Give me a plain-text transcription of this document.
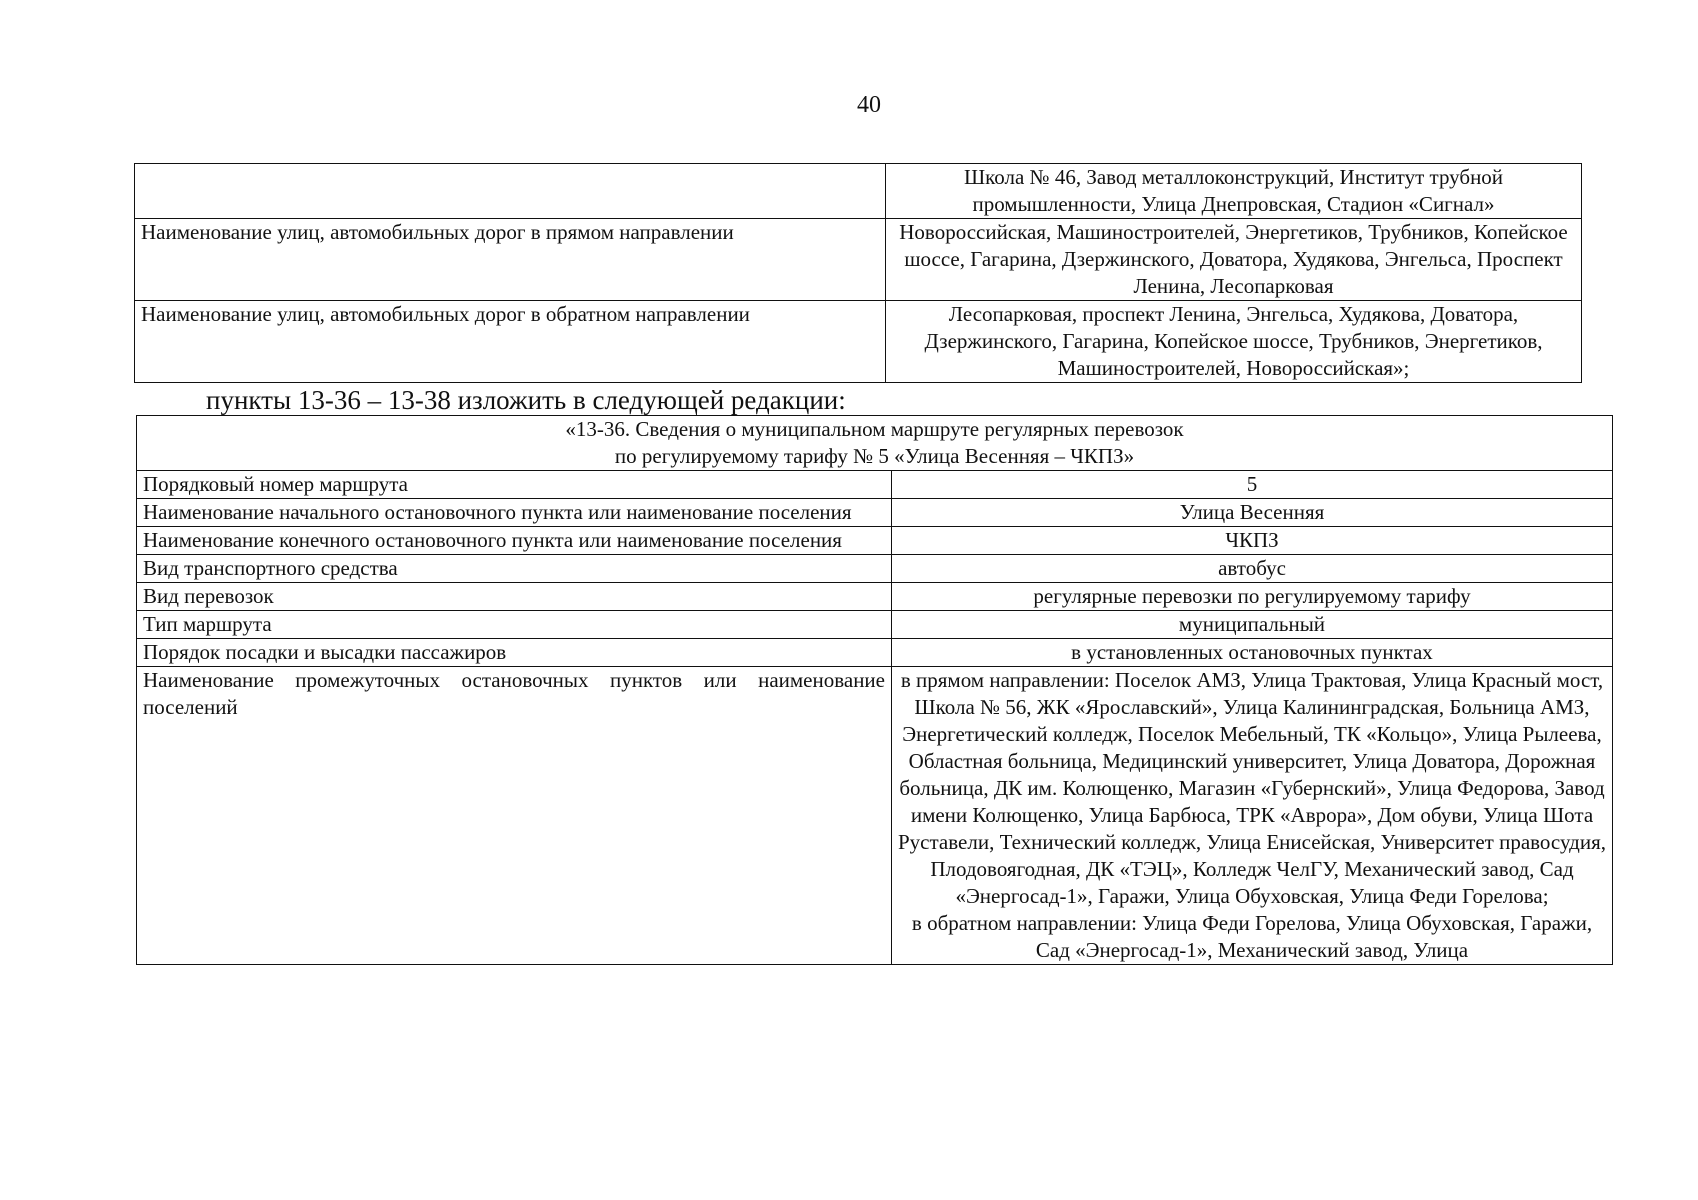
40
	Школа № 46, Завод металлоконструкций, Институт трубной промышленности, Улица Днепровская, Стадион «Сигнал»
Наименование улиц, автомобильных дорог в прямом направлении	Новороссийская, Машиностроителей, Энергетиков, Трубников, Копейское шоссе, Гагарина, Дзержинского, Доватора, Худякова, Энгельса, Проспект Ленина, Лесопарковая
Наименование улиц, автомобильных дорог в обратном направлении	Лесопарковая, проспект Ленина, Энгельса, Худякова, Доватора, Дзержинского, Гагарина, Копейское шоссе, Трубников, Энергетиков, Машиностроителей, Новороссийская»;
пункты 13-36 – 13-38 изложить в следующей редакции:
«13-36. Сведения о муниципальном маршруте регулярных перевозок
по регулируемому тарифу № 5 «Улица Весенняя – ЧКПЗ»	

Порядковый номер маршрута	5
Наименование начального остановочного пункта или наименование поселения	Улица Весенняя
Наименование конечного остановочного пункта или наименование поселения	ЧКПЗ
Вид транспортного средства	автобус
Вид перевозок	регулярные перевозки по регулируемому тарифу
Тип маршрута	муниципальный
Порядок посадки и высадки пассажиров	в установленных остановочных пунктах
Наименование промежуточных остановочных пунктов или наименование поселений	в прямом направлении: Поселок АМЗ, Улица Трактовая, Улица Красный мост, Школа № 56, ЖК «Ярославский», Улица Калининградская, Больница АМЗ, Энергетический колледж, Поселок Мебельный, ТК «Кольцо», Улица Рылеева, Областная больница, Медицинский университет, Улица Доватора, Дорожная больница, ДК им. Колющенко, Магазин «Губернский», Улица Федорова, Завод имени Колющенко, Улица Барбюса, ТРК «Аврора», Дом обуви, Улица Шота Руставели, Технический колледж, Улица Енисейская, Университет правосудия, Плодовоягодная, ДК «ТЭЦ», Колледж ЧелГУ, Механический завод, Сад «Энергосад-1», Гаражи, Улица Обуховская, Улица Феди Горелова;
в обратном направлении: Улица Феди Горелова, Улица Обуховская, Гаражи, Сад «Энергосад-1», Механический завод, Улица
